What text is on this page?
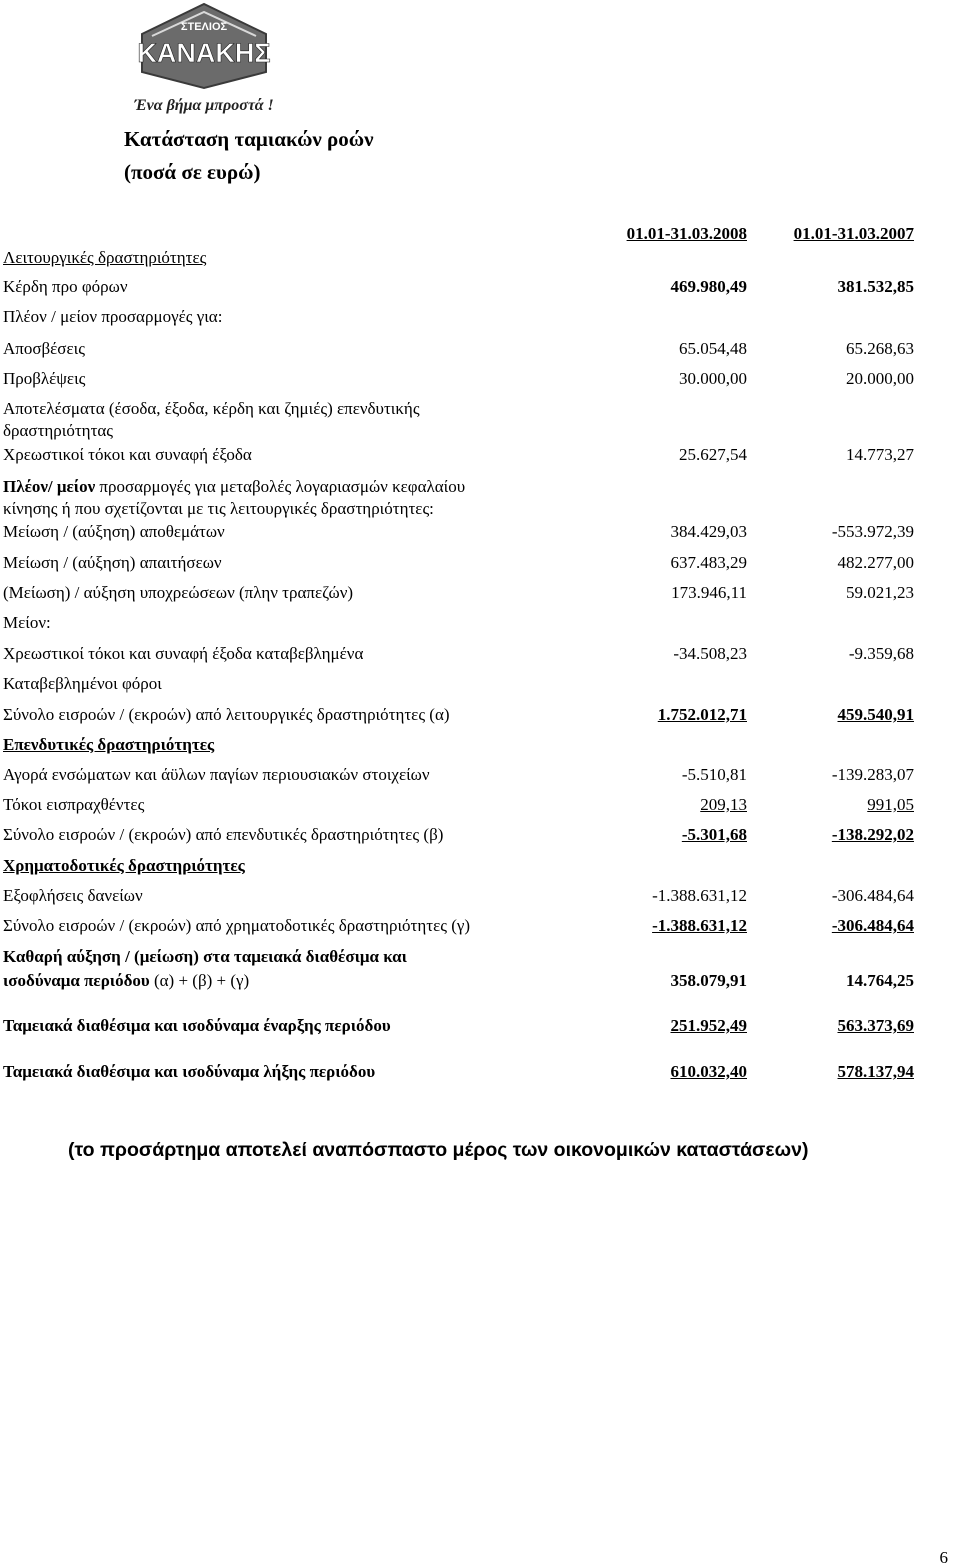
ΣΤΕΛΙΟΣ
ΚΑΝΑΚΗΣ
Ένα βήμα μπροστά !
Κατάσταση ταμιακών ροών
(ποσά σε ευρώ)
01.01-31.03.2008	01.01-31.03.2007
Λειτουργικές δραστηριότητες
Κέρδη προ φόρων	469.980,49	381.532,85
Πλέον / μείον προσαρμογές για:
Αποσβέσεις	65.054,48	65.268,63
Προβλέψεις	30.000,00	20.000,00
Αποτελέσματα (έσοδα, έξοδα, κέρδη και ζημιές) επενδυτικής
δραστηριότητας
Χρεωστικοί τόκοι και συναφή έξοδα	25.627,54	14.773,27
Πλέον/ μείον προσαρμογές για μεταβολές λογαριασμών κεφαλαίου
κίνησης ή που σχετίζονται με τις λειτουργικές δραστηριότητες:
Μείωση / (αύξηση) αποθεμάτων	384.429,03	-553.972,39
Μείωση / (αύξηση) απαιτήσεων	637.483,29	482.277,00
(Μείωση) / αύξηση υποχρεώσεων (πλην τραπεζών)	173.946,11	59.021,23
Μείον:
Χρεωστικοί τόκοι και συναφή έξοδα καταβεβλημένα	-34.508,23	-9.359,68
Καταβεβλημένοι φόροι
Σύνολο εισροών / (εκροών) από λειτουργικές δραστηριότητες (α)	1.752.012,71	459.540,91
Επενδυτικές δραστηριότητες
Αγορά ενσώματων και άϋλων παγίων περιουσιακών στοιχείων	-5.510,81	-139.283,07
Τόκοι εισπραχθέντες	209,13	991,05
Σύνολο εισροών / (εκροών) από επενδυτικές δραστηριότητες (β)	-5.301,68	-138.292,02
Χρηματοδοτικές δραστηριότητες
Εξοφλήσεις δανείων	-1.388.631,12	-306.484,64
Σύνολο εισροών / (εκροών) από χρηματοδοτικές δραστηριότητες (γ)	-1.388.631,12	-306.484,64
Καθαρή αύξηση / (μείωση) στα ταμειακά διαθέσιμα και
ισοδύναμα περιόδου (α) + (β) + (γ)	358.079,91	14.764,25
Ταμειακά διαθέσιμα και ισοδύναμα έναρξης περιόδου	251.952,49	563.373,69
Ταμειακά διαθέσιμα και ισοδύναμα λήξης περιόδου	610.032,40	578.137,94
(το προσάρτημα αποτελεί αναπόσπαστο μέρος των οικονομικών καταστάσεων)
6
